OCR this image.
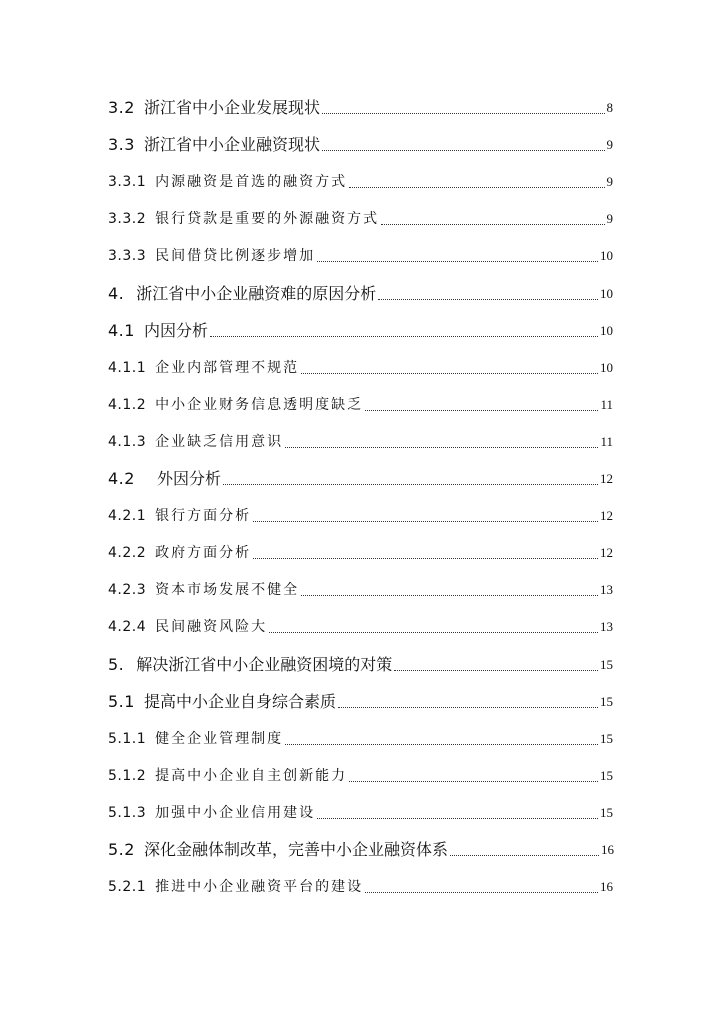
3.2 浙江省中小企业发展现状	8
3.3 浙江省中小企业融资现状	9
3.3.1 内源融资是首选的融资方式	9
3.3.2 银行贷款是重要的外源融资方式	9
3.3.3 民间借贷比例逐步增加	10
4. 浙江省中小企业融资难的原因分析	10
4.1 内因分析	10
4.1.1 企业内部管理不规范	10
4.1.2 中小企业财务信息透明度缺乏	11
4.1.3 企业缺乏信用意识	11
4.2 外因分析	12
4.2.1 银行方面分析	12
4.2.2 政府方面分析	12
4.2.3 资本市场发展不健全	13
4.2.4 民间融资风险大	13
5. 解决浙江省中小企业融资困境的对策	15
5.1 提高中小企业自身综合素质	15
5.1.1 健全企业管理制度	15
5.1.2 提高中小企业自主创新能力	15
5.1.3 加强中小企业信用建设	15
5.2 深化金融体制改革，完善中小企业融资体系	16
5.2.1 推进中小企业融资平台的建设	16
